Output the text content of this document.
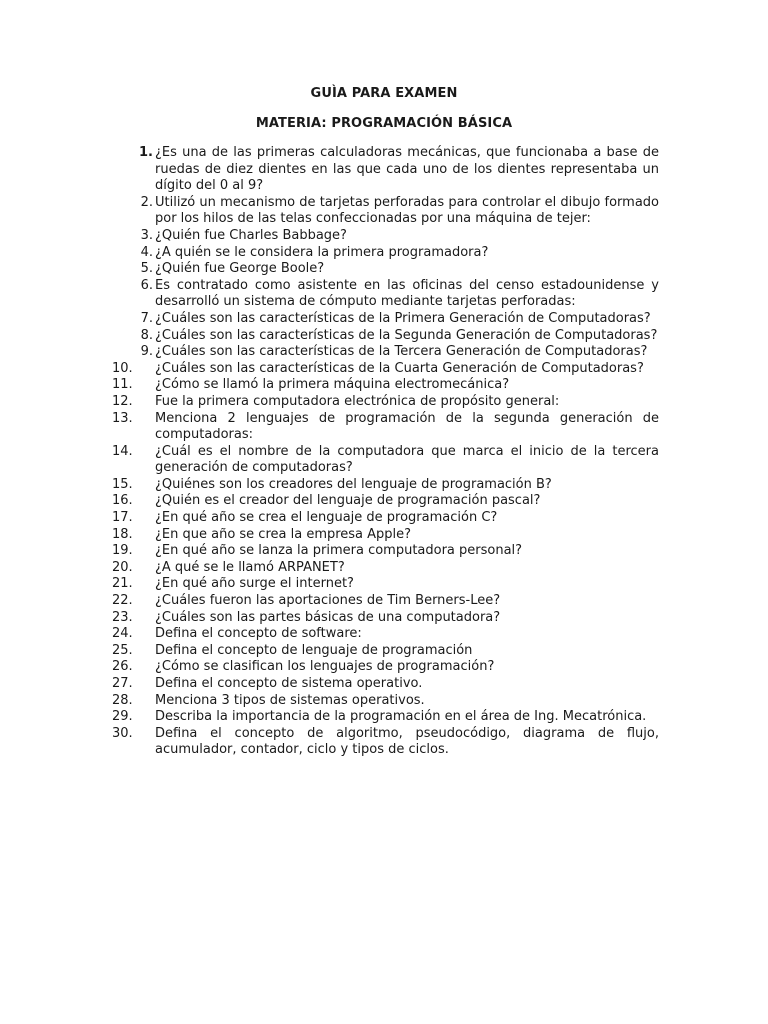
GUÌA PARA EXAMEN
MATERIA: PROGRAMACIÓN BÁSICA
1. ¿Es una de las primeras calculadoras mecánicas, que funcionaba a base de ruedas de diez dientes en las que cada uno de los dientes representaba un dígito del 0 al 9?
2. Utilizó un mecanismo de tarjetas perforadas para controlar el dibujo formado por los hilos de las telas confeccionadas por una máquina de tejer:
3. ¿Quién fue Charles Babbage?
4. ¿A quién se le considera la primera programadora?
5. ¿Quién fue George Boole?
6. Es contratado como asistente en las oficinas del censo estadounidense y desarrolló un sistema de cómputo mediante tarjetas perforadas:
7. ¿Cuáles son las características de la Primera Generación de Computadoras?
8. ¿Cuáles son las características de la Segunda Generación de Computadoras?
9. ¿Cuáles son las características de la Tercera Generación de Computadoras?
10.	¿Cuáles son las características de la Cuarta Generación de Computadoras?
11.	¿Cómo se llamó la primera máquina electromecánica?
12.	Fue la primera computadora electrónica de propósito general:
13.	Menciona 2 lenguajes de programación de la segunda generación de computadoras:
14.	¿Cuál es el nombre de la computadora que marca el inicio de la tercera generación de computadoras?
15.	¿Quiénes son los creadores del lenguaje de programación B?
16.	¿Quién es el creador del lenguaje de programación pascal?
17.	¿En qué año se crea el lenguaje de programación C?
18.	¿En que año se crea la empresa Apple?
19.	¿En qué año se lanza la primera computadora personal?
20.	¿A qué se le llamó ARPANET?
21.	¿En qué año surge el internet?
22.	¿Cuáles fueron las aportaciones de Tim Berners-Lee?
23.	¿Cuáles son las partes básicas de una computadora?
24.	Defina el concepto de software:
25.	Defina el concepto de lenguaje de programación
26.	¿Cómo se clasifican los lenguajes de programación?
27.	Defina el concepto de sistema operativo.
28.	Menciona 3 tipos de sistemas operativos.
29.	Describa la importancia de la programación en el área de Ing. Mecatrónica.
30.	Defina el concepto de algoritmo, pseudocódigo, diagrama de flujo, acumulador, contador, ciclo y tipos de ciclos.
